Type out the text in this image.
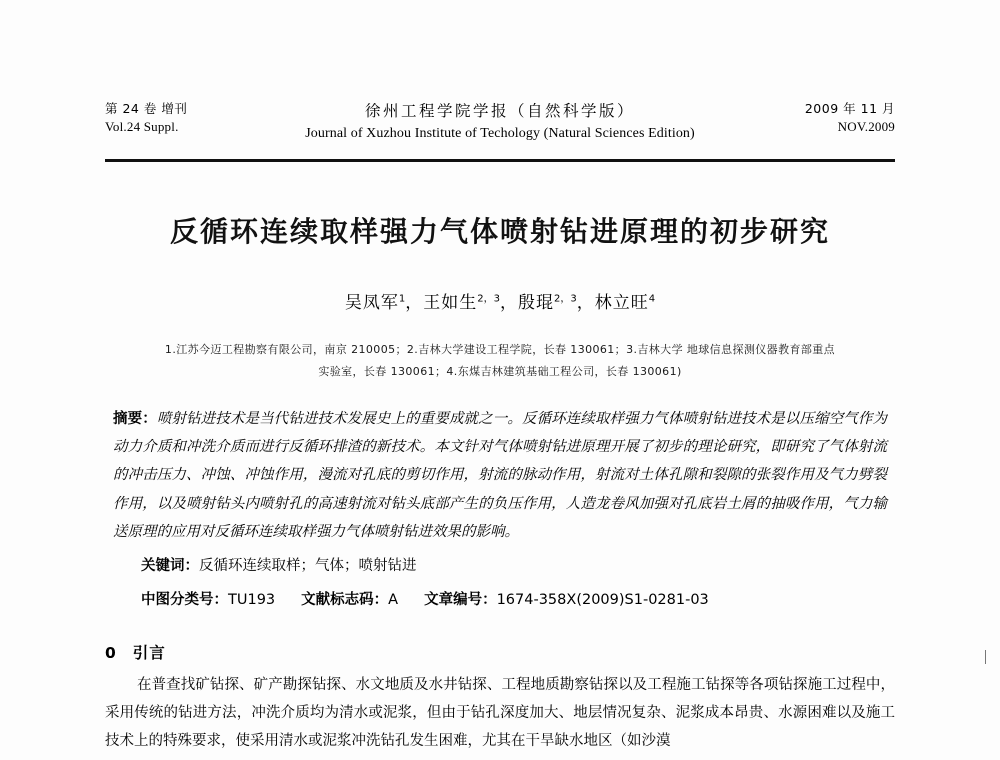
第 24 卷 增刊
Vol.24 Suppl.
徐州工程学院学报（自然科学版）
Journal of Xuzhou Institute of Techology (Natural Sciences Edition)
2009 年 11 月
NOV.2009
反循环连续取样强力气体喷射钻进原理的初步研究
吴凤军$^1$，王如生$^{2,3}$，殷琨$^{2,3}$，林立旺$^4$
1.江苏今迈工程勘察有限公司，南京 210005；2.吉林大学建设工程学院，长春 130061；3.吉林大学 地球信息探测仪器教育部重点实验室，长春 130061；4.东煤吉林建筑基础工程公司，长春 130061)
摘要：喷射钻进技术是当代钻进技术发展史上的重要成就之一。反循环连续取样强力气体喷射钻进技术是以压缩空气作为动力介质和冲洗介质而进行反循环排渣的新技术。本文针对气体喷射钻进原理开展了初步的理论研究，即研究了气体射流的冲击压力、冲蚀、冲蚀作用，漫流对孔底的剪切作用，射流的脉动作用，射流对土体孔隙和裂隙的张裂作用及气力劈裂作用，以及喷射钻头内喷射孔的高速射流对钻头底部产生的负压作用，人造龙卷风加强对孔底岩土屑的抽吸作用，气力输送原理的应用对反循环连续取样强力气体喷射钻进效果的影响。
关键词：反循环连续取样；气体；喷射钻进
中图分类号：TU193 文献标志码：A 文章编号：1674-358X(2009)S1-0281-03
0 引言
在普查找矿钻探、矿产勘探钻探、水文地质及水井钻探、工程地质勘察钻探以及工程施工钻探等各项钻探施工过程中，采用传统的钻进方法，冲洗介质均为清水或泥浆，但由于钻孔深度加大、地层情况复杂、泥浆成本昂贵、水源困难以及施工技术上的特殊要求，使采用清水或泥浆冲洗钻孔发生困难，尤其在干旱缺水地区（如沙漠
